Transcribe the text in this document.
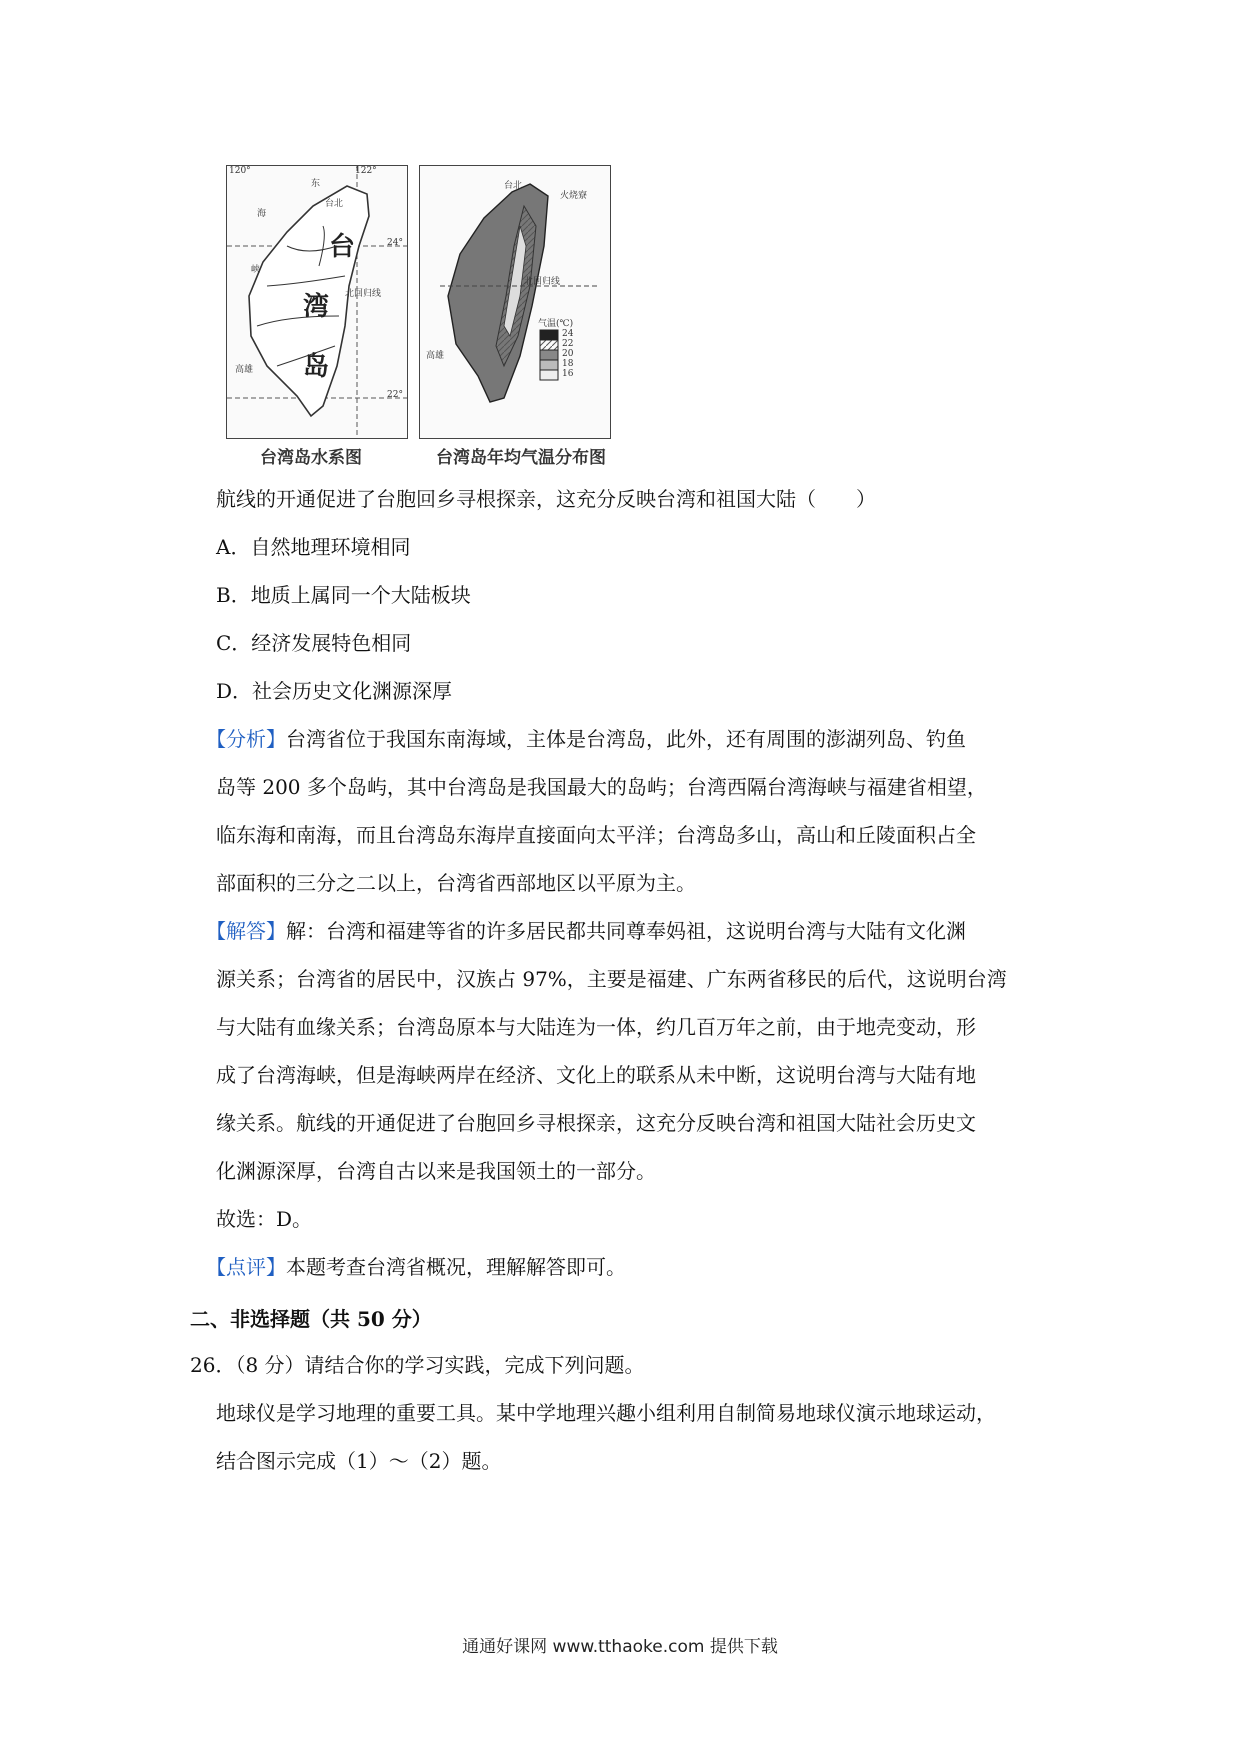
120°	122°
24°
22°
台北
东
海
峡
台
湾
岛
北回归线
高雄
台北
火烧寮
北回归线
高雄
气温(℃)
24
22
20
18
16
台湾岛水系图	台湾岛年均气温分布图
航线的开通促进了台胞回乡寻根探亲，这充分反映台湾和祖国大陆（　　）
A．自然地理环境相同
B．地质上属同一个大陆板块
C．经济发展特色相同
D．社会历史文化渊源深厚
【分析】台湾省位于我国东南海域，主体是台湾岛，此外，还有周围的澎湖列岛、钓鱼
岛等 200 多个岛屿，其中台湾岛是我国最大的岛屿；台湾西隔台湾海峡与福建省相望，
临东海和南海，而且台湾岛东海岸直接面向太平洋；台湾岛多山，高山和丘陵面积占全
部面积的三分之二以上，台湾省西部地区以平原为主。
【解答】解：台湾和福建等省的许多居民都共同尊奉妈祖，这说明台湾与大陆有文化渊
源关系；台湾省的居民中，汉族占 97%，主要是福建、广东两省移民的后代，这说明台湾
与大陆有血缘关系；台湾岛原本与大陆连为一体，约几百万年之前，由于地壳变动，形
成了台湾海峡，但是海峡两岸在经济、文化上的联系从未中断，这说明台湾与大陆有地
缘关系。航线的开通促进了台胞回乡寻根探亲，这充分反映台湾和祖国大陆社会历史文
化渊源深厚，台湾自古以来是我国领土的一部分。
故选：D。
【点评】本题考查台湾省概况，理解解答即可。
二、非选择题（共 50 分）
26．（8 分）请结合你的学习实践，完成下列问题。
地球仪是学习地理的重要工具。某中学地理兴趣小组利用自制简易地球仪演示地球运动，
结合图示完成（1）～（2）题。
通通好课网 www.tthaoke.com 提供下载
